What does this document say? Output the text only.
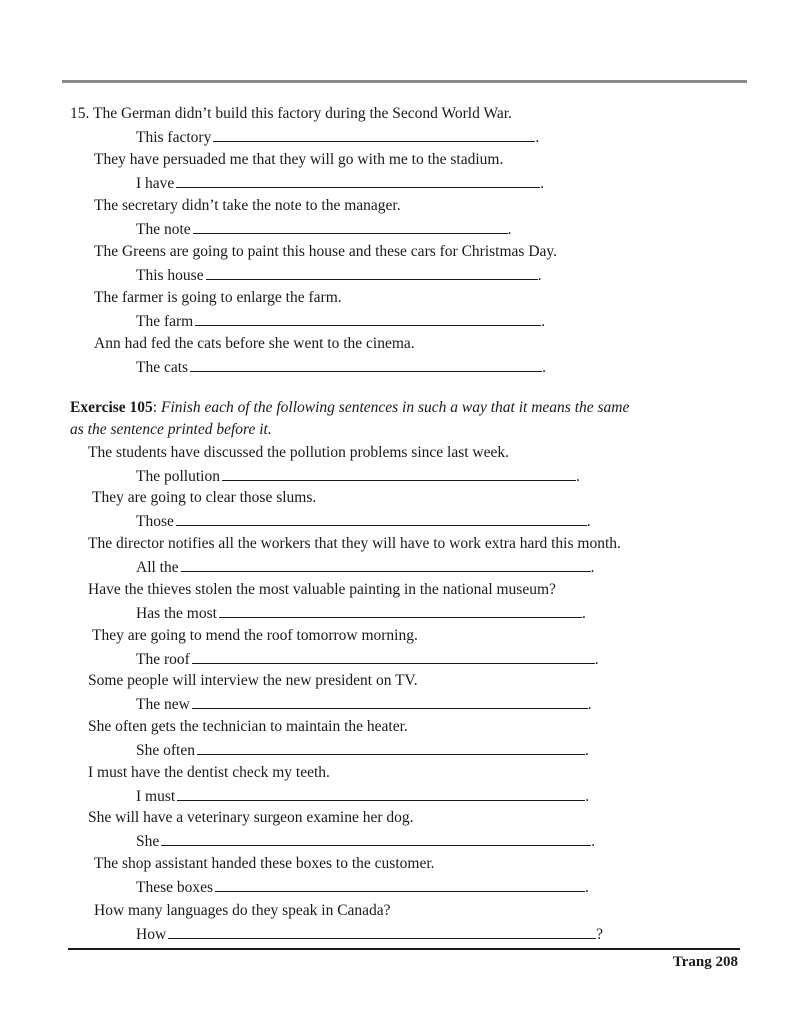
15. The German didn’t build this factory during the Second World War.
This factory	.
They have persuaded me that they will go with me to the stadium.
I have	.
The secretary didn’t take the note to the manager.
The note	.
The Greens are going to paint this house and these cars for Christmas Day.
This house	.
The farmer is going to enlarge the farm.
The farm	.
Ann had fed the cats before she went to the cinema.
The cats	.
Exercise 105: Finish each of the following sentences in such a way that it means the same
as the sentence printed before it.
The students have discussed the pollution problems since last week.
The pollution	.
They are going to clear those slums.
Those	.
The director notifies all the workers that they will have to work extra hard this month.
All the	.
Have the thieves stolen the most valuable painting in the national museum?
Has the most	.
They are going to mend the roof tomorrow morning.
The roof	.
Some people will interview the new president on TV.
The new	.
She often gets the technician to maintain the heater.
She often	.
I must have the dentist check my teeth.
I must	.
She will have a veterinary surgeon examine her dog.
She	.
The shop assistant handed these boxes to the customer.
These boxes	.
How many languages do they speak in Canada?
How	?
Trang 208
